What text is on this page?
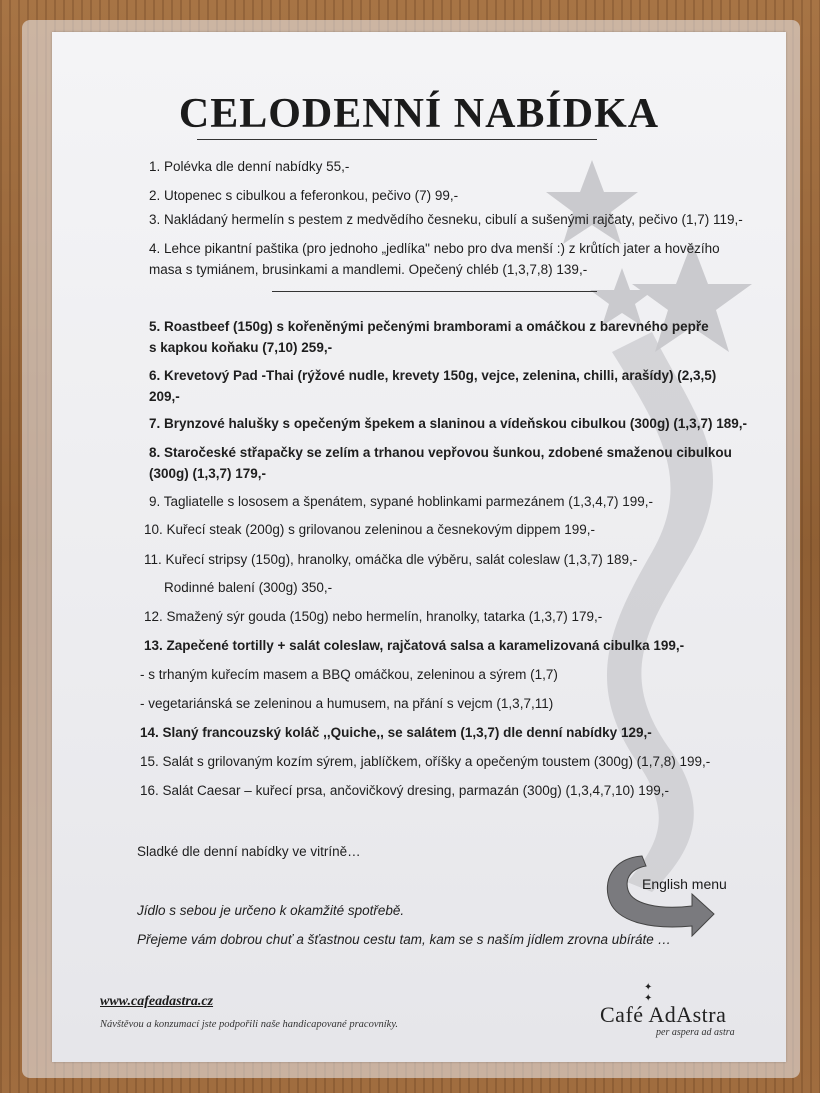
CELODENNÍ NABÍDKA

1. Polévka dle denní nabídky 55,-

2. Utopenec s cibulkou a feferonkou, pečivo (7) 99,-

3. Nakládaný hermelín s pestem z medvědího česneku, cibulí a sušenými rajčaty, pečivo (1,7) 119,-

4. Lehce pikantní paštika (pro jednoho „jedlíka" nebo pro dva menší :) z krůtích jater a hovězího

masa s tymiánem, brusinkami a mandlemi. Opečený chléb (1,3,7,8) 139,-

5. Roastbeef (150g) s kořeněnými pečenými bramborami a omáčkou z barevného pepře

s kapkou koňaku (7,10) 259,-

6. Krevetový Pad -Thai (rýžové nudle, krevety 150g, vejce, zelenina, chilli, arašídy) (2,3,5)

209,-

7. Brynzové halušky s opečeným špekem a slaninou a vídeňskou cibulkou (300g) (1,3,7) 189,-

8. Staročeské střapačky se zelím a trhanou vepřovou šunkou, zdobené smaženou cibulkou

(300g) (1,3,7) 179,-

9. Tagliatelle s lososem a špenátem, sypané hoblinkami parmezánem (1,3,4,7) 199,-

10. Kuřecí steak (200g) s grilovanou zeleninou a česnekovým dippem 199,-

11. Kuřecí stripsy (150g), hranolky, omáčka dle výběru, salát coleslaw (1,3,7) 189,-

Rodinné balení (300g) 350,-

12. Smažený sýr gouda (150g) nebo hermelín, hranolky, tatarka (1,3,7) 179,-

13. Zapečené tortilly + salát coleslaw, rajčatová salsa a karamelizovaná cibulka 199,-

- s trhaným kuřecím masem a BBQ omáčkou, zeleninou a sýrem (1,7)

- vegetariánská se zeleninou a humusem, na přání s vejcm (1,3,7,11)

14. Slaný francouzský koláč ,,Quiche,, se salátem (1,3,7) dle denní nabídky 129,-

15. Salát s grilovaným kozím sýrem, jablíčkem, oříšky a opečeným toustem (300g) (1,7,8) 199,-

16. Salát Caesar – kuřecí prsa, ančovičkový dresing, parmazán (300g) (1,3,4,7,10) 199,-

Sladké dle denní nabídky ve vitríně…

Jídlo s sebou je určeno k okamžité spotřebě.

Přejeme vám dobrou chuť a šťastnou cestu tam, kam se s naším jídlem zrovna ubíráte …

English menu
www.cafeadastra.cz
Návštěvou a konzumací jste podpořili naše handicapované pracovníky.
✦
✦
Café AdAstra
per aspera ad astra
